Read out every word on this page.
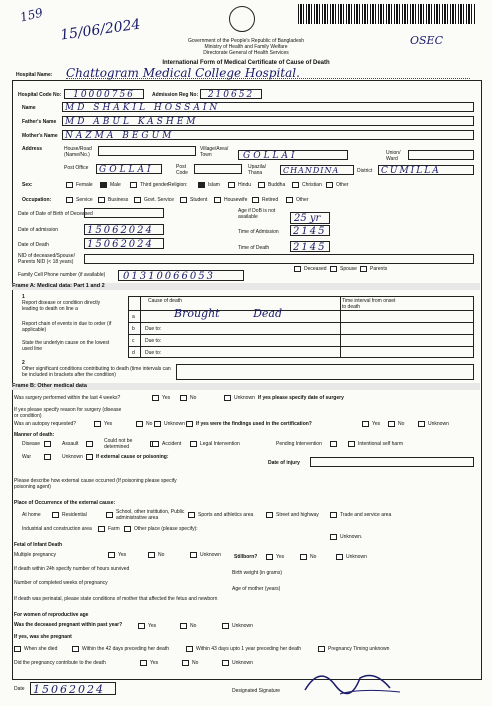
159
15/06/2024	OSEC
Government of the People's Republic of Bangladesh
Ministry of Health and Family Welfare
Directorate General of Health Services
International Form of Medical Certificate of Cause of Death
Hospital Name: Chattogram Medical College Hospital.
Hospital Code No:	10000756	Admission Reg No:	210652
Name	MD SHAKIL HOSSAIN
Father's Name MD ABUL KASHEM
Mother's Name NAZMA BEGUM
Address	House/Road (Name/No.)
Village/Area/ Town	GOLLAI	Union/ Ward
Post Office	GOLLAI	Post Code
Upazila/ Thana	CHANDINA	District CUMILLA
Sex:	Female	Male	Third gender Religion:	Islam	Hindu	Buddha	Christian	Other
Occupation:	Service	Business	Govt. Service	Student	Housewife	Retired	Other
Date of Date of Birth of Deceased	Age if DoB is not available	25 yr
Date of admission	15062024	Time of Admission	2145
Date of Death	15062024	Time of Death	2145
NID of deceased/Spouse/ Parents NID (< 18 years)
Deceased	Spouse	Parents
Family Cell Phone number (if available)	01310066053
Frame A: Medical data: Part 1 and 2
1
Report disease or condition directly leading to death on line a
Report chain of events in due to order (if applicable)
State the underlyin cause on the lowest used line
Cause of death	Time interval from onset to death
a	Brought Dead
b Due to:
c Due to:
d Due to:
2
Other significant conditions contributing to death (time intervals can be included in brackets after the condition)
Frame B: Other medical data
Was surgery performed within the last 4 weeks?	Yes	No	Unknown If yes please specify date of surgery
If yes please specify reason for surgery (disease or condition)
Was an autopsy requested?	Yes	No Unknown If yes were the findings used in the certification?	Yes	No	Unknown
Manner of death:
Disease	Assault	Could not be determined	Accident	Legal Intervention	Pending Intervention	Intentional self harm
War	Unknown	If external cause or poisoning:
Date of injury
Please describe how external cause occurred (If poisoning please specify poisoning agent)
Place of Occurrence of the external cause:
At home	Residential	School, other institution, Public administrative area	Sports and athletics area	Street and highway	Trade and service area
Industrial and construction area	Farm	Other place (please specify):
Unknown.
Fetal of Infant Death
Multiple pregnancy	Yes	No	Unknown	Stillborn?	Yes	No	Unknown
If death within 24h specify number of hours survived
Birth weight (in grams)
Number of completed weeks of pregnancy
Age of mother (years)
If death was perinatal, please state conditions of mother that affected the fetus and newborn
For women of reproductive age
Was the deceased pregnant within past year?	Yes	No	Unknown
If yes, was she pregnant
When she died	Within the 42 days preceding her death	Within 43 days upto 1 year preceding her death	Pregnancy Timing unknown
Did the pregnancy contribute to the death	Yes	No	Unknown
Date 15062024	Designated Signature
